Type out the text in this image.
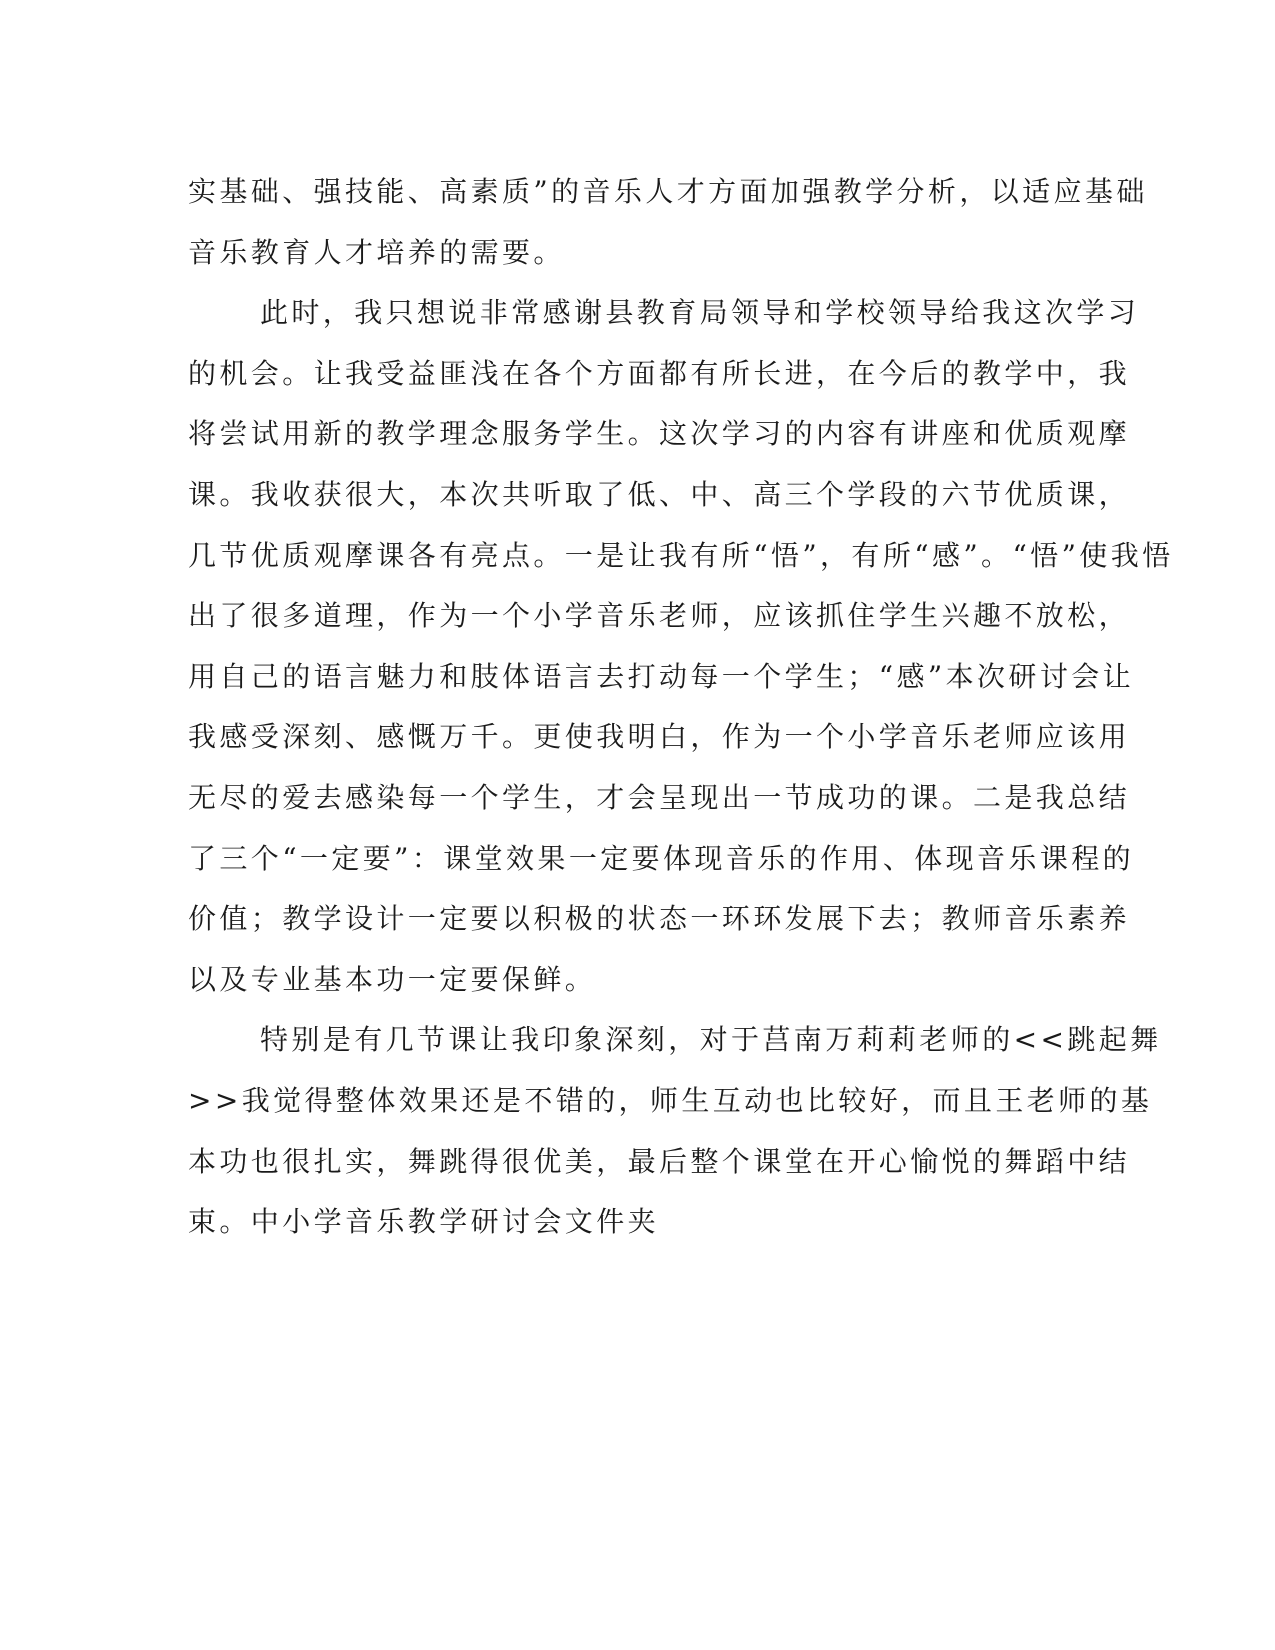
实基础、强技能、高素质”的音乐人才方面加强教学分析，以适应基础
音乐教育人才培养的需要。
此时，我只想说非常感谢县教育局领导和学校领导给我这次学习
的机会。让我受益匪浅在各个方面都有所长进，在今后的教学中，我
将尝试用新的教学理念服务学生。这次学习的内容有讲座和优质观摩
课。我收获很大，本次共听取了低、中、高三个学段的六节优质课，
几节优质观摩课各有亮点。一是让我有所“悟”，有所“感”。“悟”使我悟
出了很多道理，作为一个小学音乐老师，应该抓住学生兴趣不放松，
用自己的语言魅力和肢体语言去打动每一个学生；“感”本次研讨会让
我感受深刻、感慨万千。更使我明白，作为一个小学音乐老师应该用
无尽的爱去感染每一个学生，才会呈现出一节成功的课。二是我总结
了三个“一定要”：课堂效果一定要体现音乐的作用、体现音乐课程的
价值；教学设计一定要以积极的状态一环环发展下去；教师音乐素养
以及专业基本功一定要保鲜。
特别是有几节课让我印象深刻，对于莒南万莉莉老师的<<跳起舞
>>我觉得整体效果还是不错的，师生互动也比较好，而且王老师的基
本功也很扎实，舞跳得很优美，最后整个课堂在开心愉悦的舞蹈中结
束。中小学音乐教学研讨会文件夹
